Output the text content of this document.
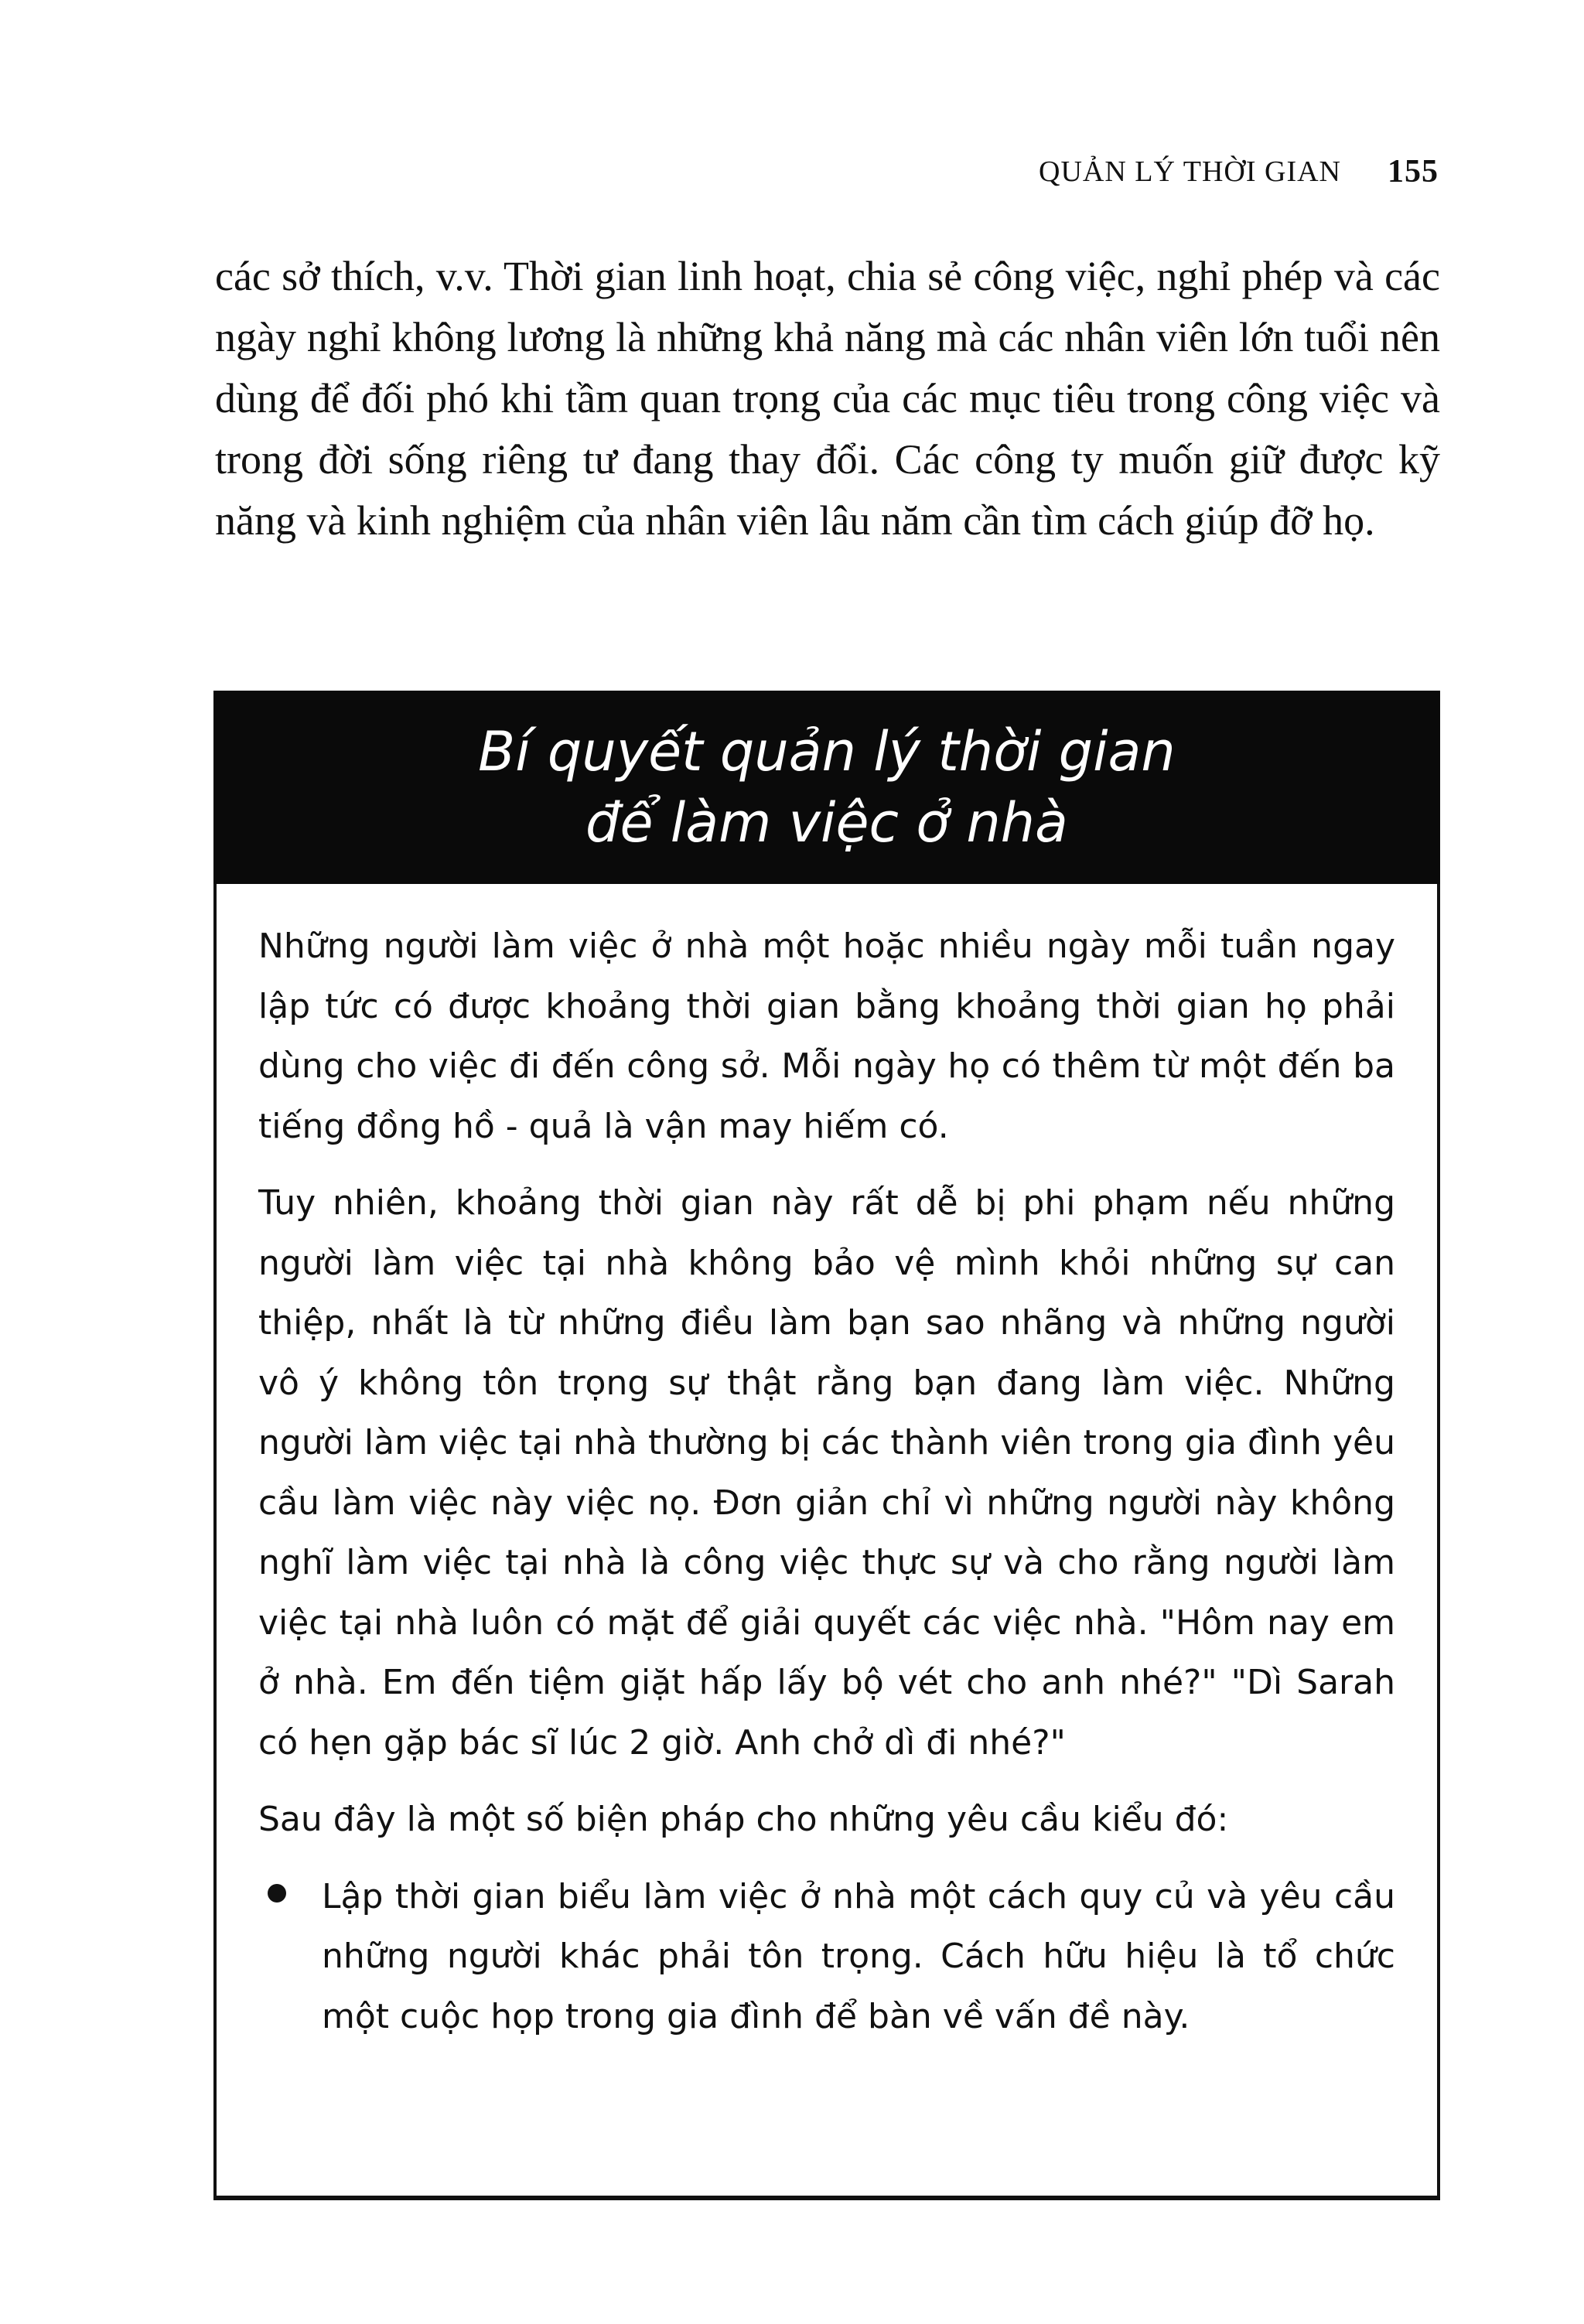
QUẢN LÝ THỜI GIAN 155

các sở thích, v.v. Thời gian linh hoạt, chia sẻ công việc, nghỉ phép và các ngày nghỉ không lương là những khả năng mà các nhân viên lớn tuổi nên dùng để đối phó khi tầm quan trọng của các mục tiêu trong công việc và trong đời sống riêng tư đang thay đổi. Các công ty muốn giữ được kỹ năng và kinh nghiệm của nhân viên lâu năm cần tìm cách giúp đỡ họ.

Bí quyết quản lý thời gian
để làm việc ở nhà

Những người làm việc ở nhà một hoặc nhiều ngày mỗi tuần ngay lập tức có được khoảng thời gian bằng khoảng thời gian họ phải dùng cho việc đi đến công sở. Mỗi ngày họ có thêm từ một đến ba tiếng đồng hồ - quả là vận may hiếm có.

Tuy nhiên, khoảng thời gian này rất dễ bị phi phạm nếu những người làm việc tại nhà không bảo vệ mình khỏi những sự can thiệp, nhất là từ những điều làm bạn sao nhãng và những người vô ý không tôn trọng sự thật rằng bạn đang làm việc. Những người làm việc tại nhà thường bị các thành viên trong gia đình yêu cầu làm việc này việc nọ. Đơn giản chỉ vì những người này không nghĩ làm việc tại nhà là công việc thực sự và cho rằng người làm việc tại nhà luôn có mặt để giải quyết các việc nhà. "Hôm nay em ở nhà. Em đến tiệm giặt hấp lấy bộ vét cho anh nhé?" "Dì Sarah có hẹn gặp bác sĩ lúc 2 giờ. Anh chở dì đi nhé?"

Sau đây là một số biện pháp cho những yêu cầu kiểu đó:

Lập thời gian biểu làm việc ở nhà một cách quy củ và yêu cầu những người khác phải tôn trọng. Cách hữu hiệu là tổ chức một cuộc họp trong gia đình để bàn về vấn đề này.
